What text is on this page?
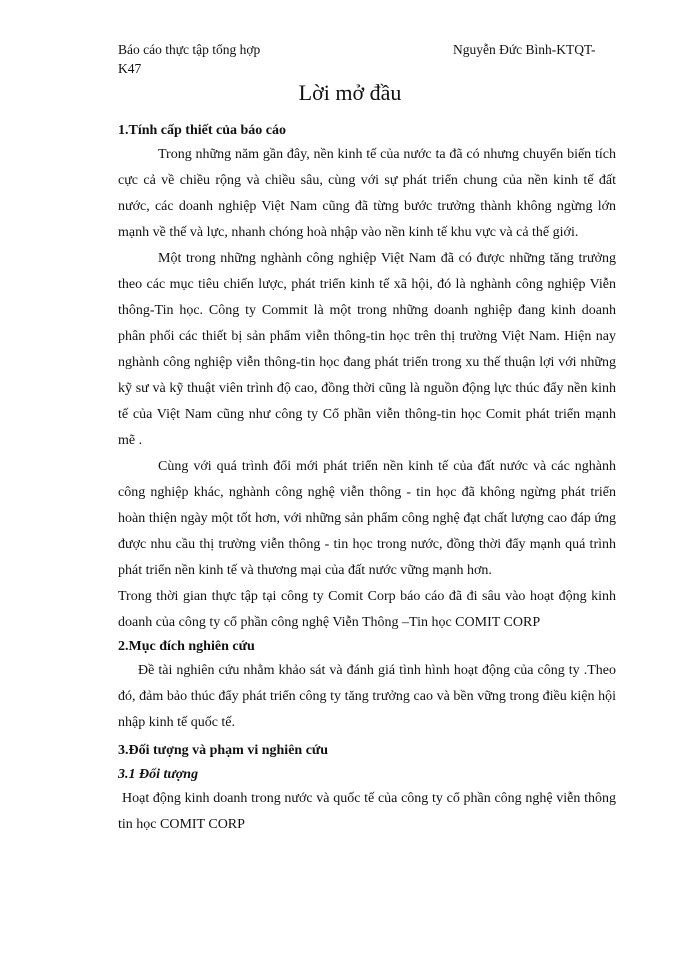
Báo cáo thực tập tổng hợp	Nguyễn Đức Bình-KTQT-
K47
Lời mở đầu

1.Tính cấp thiết của báo cáo

Trong những năm gần đây, nền kinh tế của nước ta đã có nhưng chuyển biến tích cực cả về chiều rộng và chiều sâu, cùng với sự phát triển chung của nền kinh tế đất nước, các doanh nghiệp Việt Nam cũng đã từng bước trưởng thành không ngừng lớn mạnh về thế và lực, nhanh chóng hoà nhập vào nền kinh tế khu vực và cả thế giới.

Một trong những nghành công nghiệp Việt Nam đã có được những tăng trưởng theo các mục tiêu chiến lược, phát triển kinh tế xã hội, đó là nghành công nghiệp Viễn thông-Tin học. Công ty Commit là một trong những doanh nghiệp đang kinh doanh phân phối các thiết bị sản phẩm viễn thông-tin học trên thị trường Việt Nam. Hiện nay nghành công nghiệp viễn thông-tin học đang phát triển trong xu thế thuận lợi với những kỹ sư và kỹ thuật viên trình độ cao, đồng thời cũng là nguồn động lực thúc đẩy nền kinh tế của Việt Nam cũng như công ty Cổ phần viễn thông-tin học Comit phát triển mạnh mẽ .

Cùng với quá trình đổi mới phát triển nền kinh tế của đất nước và các nghành công nghiệp khác, nghành công nghệ viễn thông - tin học đã không ngừng phát triển hoàn thiện ngày một tốt hơn, với những sản phẩm công nghệ đạt chất lượng cao đáp ứng được nhu cầu thị trường viễn thông - tin học trong nước, đồng thời đẩy mạnh quá trình phát triển nền kinh tế và thương mại của đất nước vững mạnh hơn.

Trong thời gian thực tập tại công ty Comit Corp báo cáo đã đi sâu vào hoạt động kinh doanh của công ty cổ phần công nghệ Viễn Thông –Tin học COMIT CORP

2.Mục đích nghiên cứu

Đề tài nghiên cứu nhằm khảo sát và đánh giá tình hình hoạt động của công ty .Theo đó, đảm bảo thúc đẩy phát triển công ty tăng trưởng cao và bền vững trong điều kiện hội nhập kinh tế quốc tế.

3.Đối tượng và phạm vi nghiên cứu

3.1 Đối tượng

Hoạt động kinh doanh trong nước và quốc tế của công ty cổ phần công nghệ viễn thông tin học COMIT CORP
